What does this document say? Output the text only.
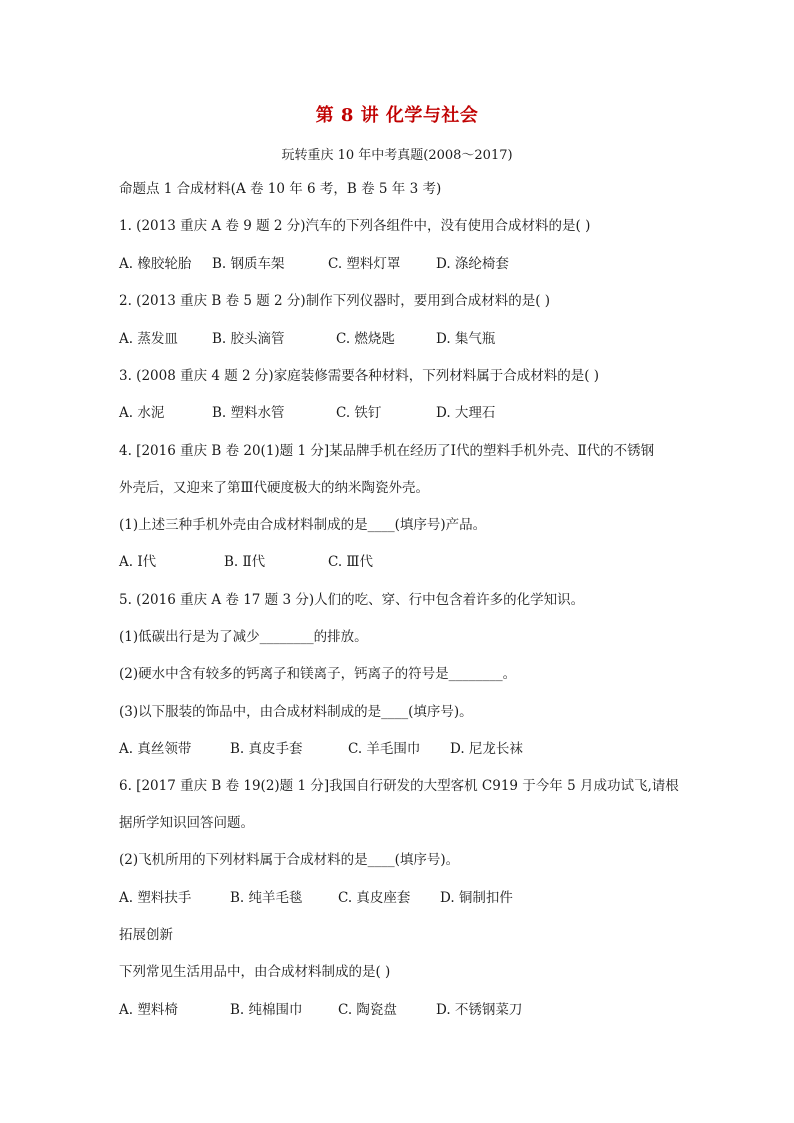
第 8 讲 化学与社会
玩转重庆 10 年中考真题(2008～2017)
命题点 1 合成材料(A 卷 10 年 6 考，B 卷 5 年 3 考)
1. (2013 重庆 A 卷 9 题 2 分)汽车的下列各组件中，没有使用合成材料的是( )
A. 橡胶轮胎 B. 钢质车架	C. 塑料灯罩	D. 涤纶椅套
2. (2013 重庆 B 卷 5 题 2 分)制作下列仪器时，要用到合成材料的是( )
A. 蒸发皿	B. 胶头滴管	C. 燃烧匙	D. 集气瓶
3. (2008 重庆 4 题 2 分)家庭装修需要各种材料，下列材料属于合成材料的是( )
A. 水泥	B. 塑料水管	C. 铁钉	D. 大理石
4. [2016 重庆 B 卷 20(1)题 1 分]某品牌手机在经历了Ⅰ代的塑料手机外壳、Ⅱ代的不锈钢
外壳后，又迎来了第Ⅲ代硬度极大的纳米陶瓷外壳。
(1)上述三种手机外壳由合成材料制成的是____(填序号)产品。
A. Ⅰ代	B. Ⅱ代	C. Ⅲ代
5. (2016 重庆 A 卷 17 题 3 分)人们的吃、穿、行中包含着许多的化学知识。
(1)低碳出行是为了减少________的排放。
(2)硬水中含有较多的钙离子和镁离子，钙离子的符号是________。
(3)以下服装的饰品中，由合成材料制成的是____(填序号)。
A. 真丝领带	B. 真皮手套	C. 羊毛围巾 D. 尼龙长袜
6. [2017 重庆 B 卷 19(2)题 1 分]我国自行研发的大型客机 C919 于今年 5 月成功试飞,请根
据所学知识回答问题。
(2)飞机所用的下列材料属于合成材料的是____(填序号)。
A. 塑料扶手	B. 纯羊毛毯	C. 真皮座套 D. 铜制扣件
拓展创新
下列常见生活用品中，由合成材料制成的是( )
A. 塑料椅	B. 纯棉围巾	C. 陶瓷盘	D. 不锈钢菜刀
